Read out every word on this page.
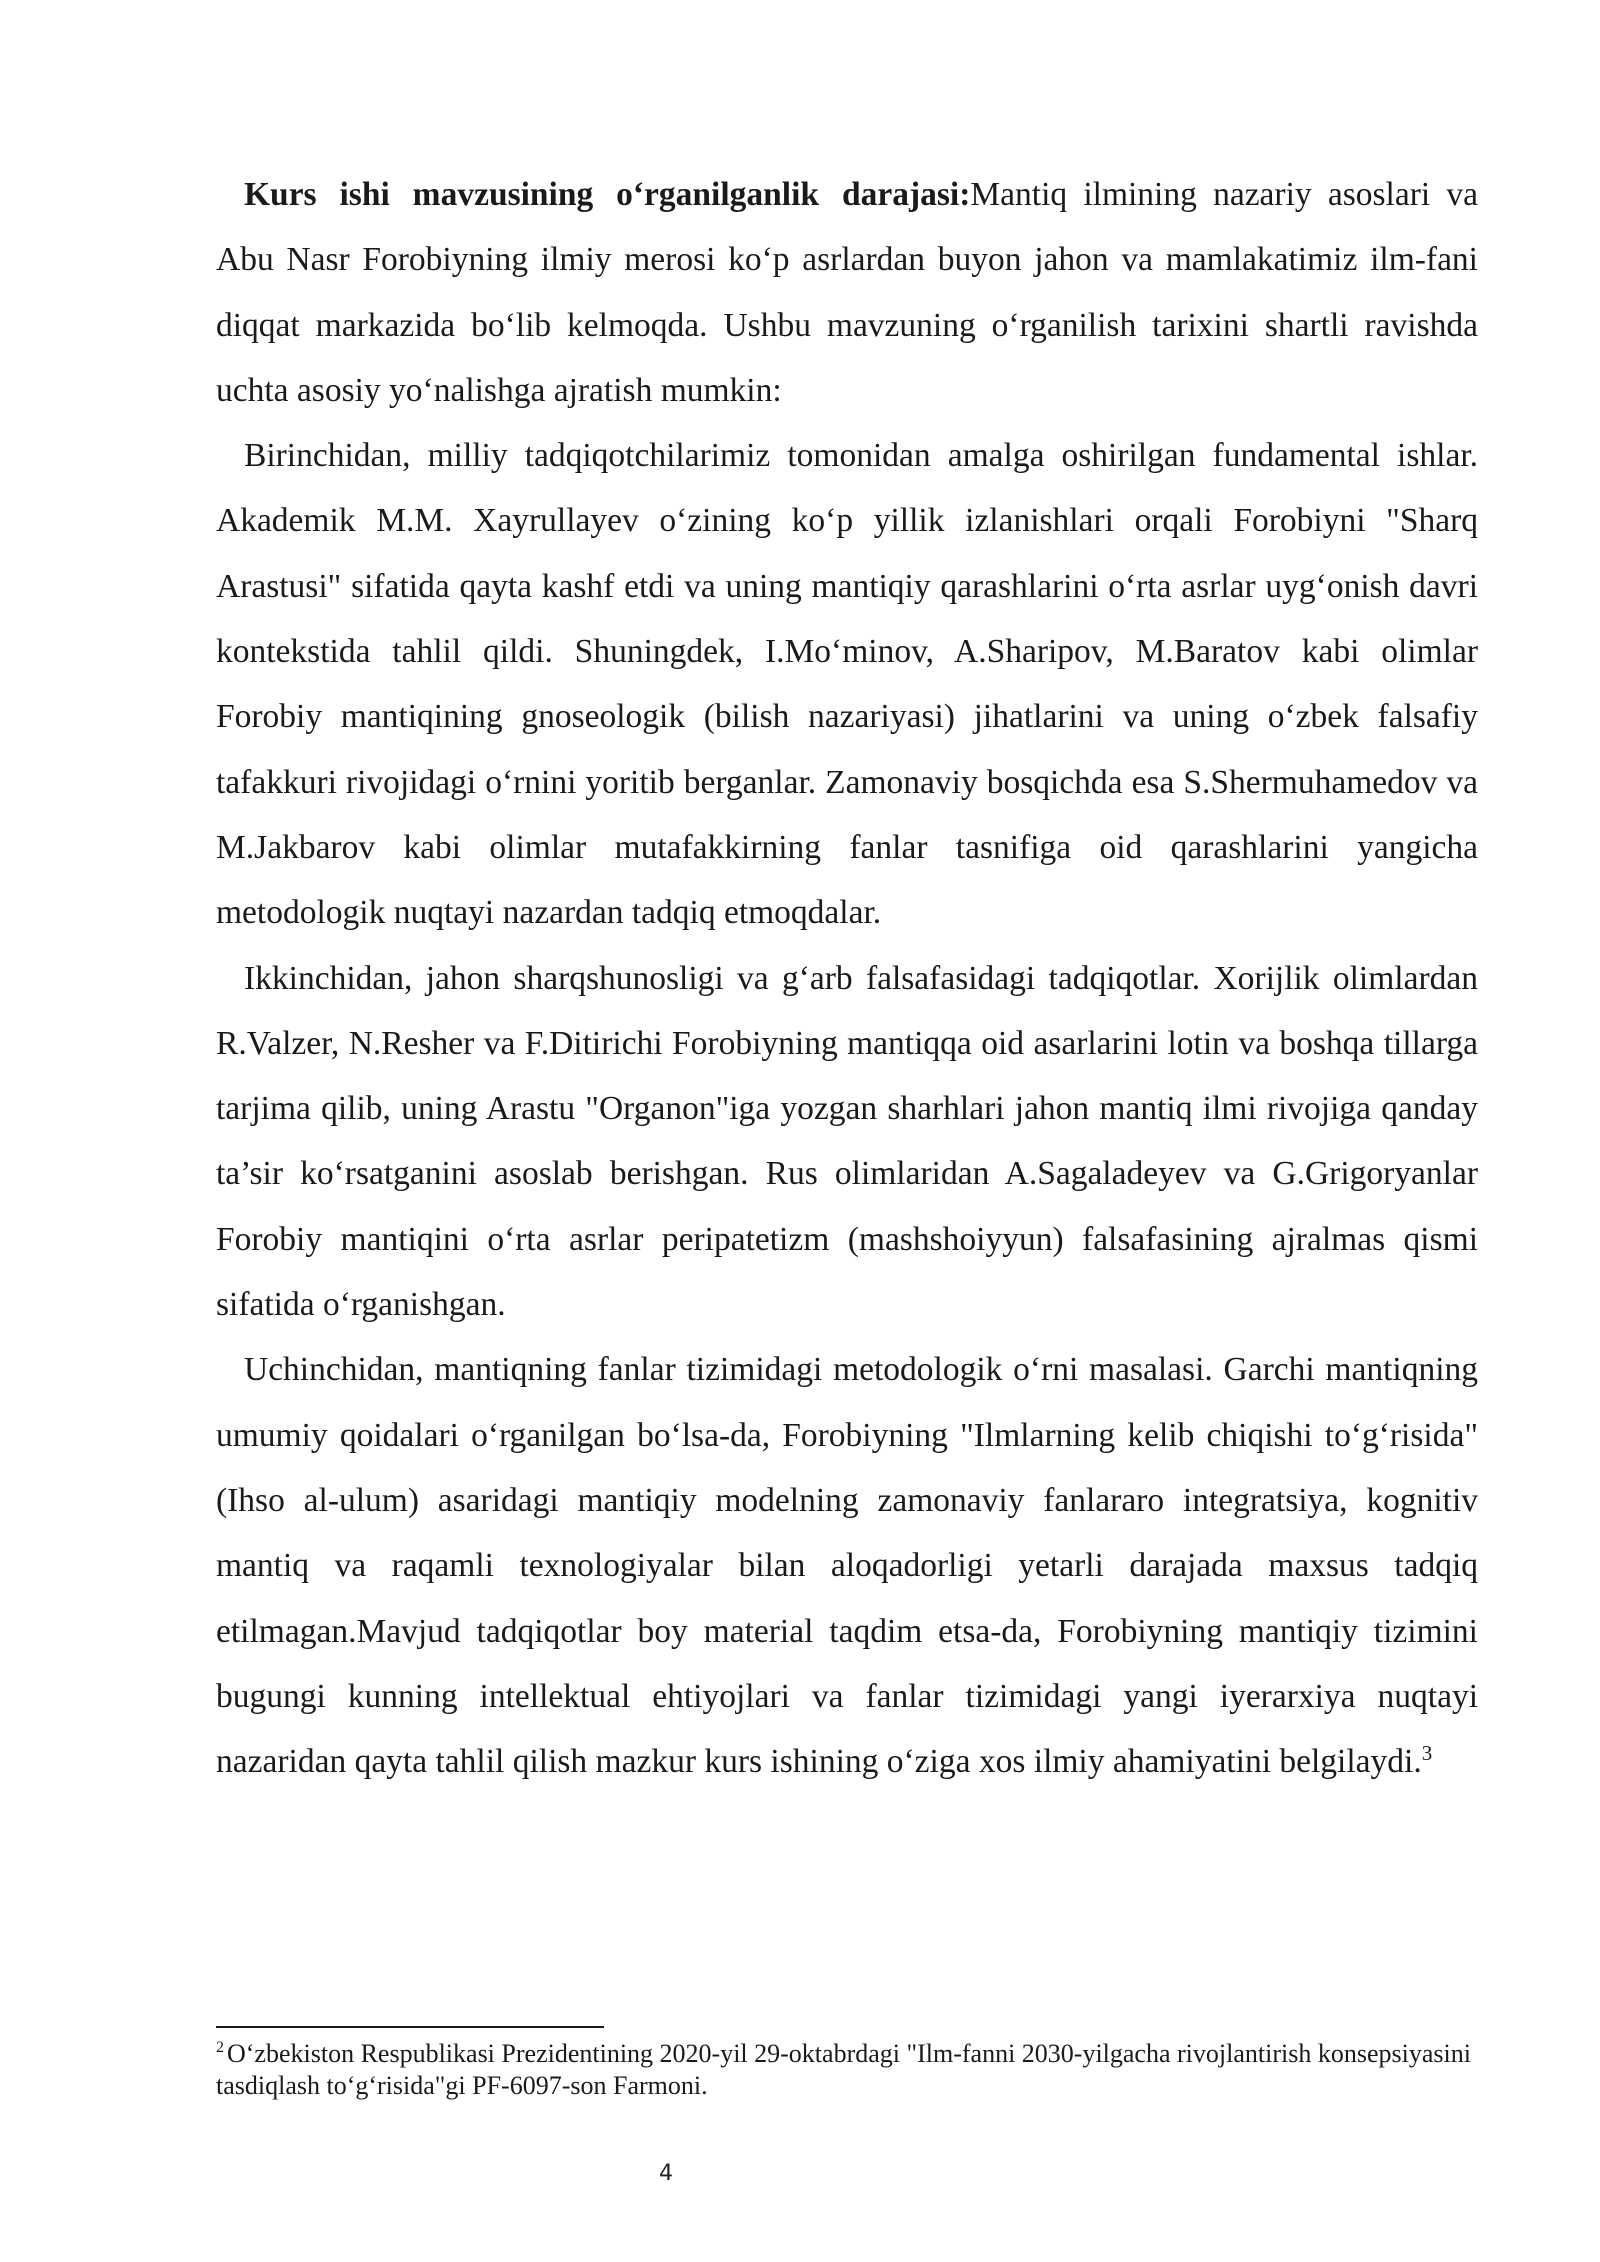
Kurs ishi mavzusining oʻrganilganlik darajasi:Mantiq ilmining nazariy asoslari va Abu Nasr Forobiyning ilmiy merosi koʻp asrlardan buyon jahon va mamlakatimiz ilm-fani diqqat markazida boʻlib kelmoqda. Ushbu mavzuning oʻrganilish tarixini shartli ravishda uchta asosiy yoʻnalishga ajratish mumkin:

Birinchidan, milliy tadqiqotchilarimiz tomonidan amalga oshirilgan fundamental ishlar. Akademik M.M. Xayrullayev oʻzining koʻp yillik izlanishlari orqali Forobiyni "Sharq Arastusi" sifatida qayta kashf etdi va uning mantiqiy qarashlarini oʻrta asrlar uygʻonish davri kontekstida tahlil qildi. Shuningdek, I.Moʻminov, A.Sharipov, M.Baratov kabi olimlar Forobiy mantiqining gnoseologik (bilish nazariyasi) jihatlarini va uning oʻzbek falsafiy tafakkuri rivojidagi oʻrnini yoritib berganlar. Zamonaviy bosqichda esa S.Shermuhamedov va M.Jakbarov kabi olimlar mutafakkirning fanlar tasnifiga oid qarashlarini yangicha metodologik nuqtayi nazardan tadqiq etmoqdalar.

Ikkinchidan, jahon sharqshunosligi va gʻarb falsafasidagi tadqiqotlar. Xorijlik olimlardan R.Valzer, N.Resher va F.Ditirichi Forobiyning mantiqqa oid asarlarini lotin va boshqa tillarga tarjima qilib, uning Arastu "Organon"iga yozgan sharhlari jahon mantiq ilmi rivojiga qanday ta’sir koʻrsatganini asoslab berishgan. Rus olimlaridan A.Sagaladeyev va G.Grigoryanlar Forobiy mantiqini oʻrta asrlar peripatetizm (mashshoiyyun) falsafasining ajralmas qismi sifatida oʻrganishgan.

Uchinchidan, mantiqning fanlar tizimidagi metodologik oʻrni masalasi. Garchi mantiqning umumiy qoidalari oʻrganilgan boʻlsa-da, Forobiyning "Ilmlarning kelib chiqishi toʻgʻrisida" (Ihso al-ulum) asaridagi mantiqiy modelning zamonaviy fanlararo integratsiya, kognitiv mantiq va raqamli texnologiyalar bilan aloqadorligi yetarli darajada maxsus tadqiq etilmagan.Mavjud tadqiqotlar boy material taqdim etsa-da, Forobiyning mantiqiy tizimini bugungi kunning intellektual ehtiyojlari va fanlar tizimidagi yangi iyerarxiya nuqtayi nazaridan qayta tahlil qilish mazkur kurs ishining oʻziga xos ilmiy ahamiyatini belgilaydi.$^3$

$^2$ Oʻzbekiston Respublikasi Prezidentining 2020-yil 29-oktabrdagi "Ilm-fanni 2030-yilgacha rivojlantirish konsepsiyasini tasdiqlash toʻgʻrisida"gi PF-6097-son Farmoni.

4
